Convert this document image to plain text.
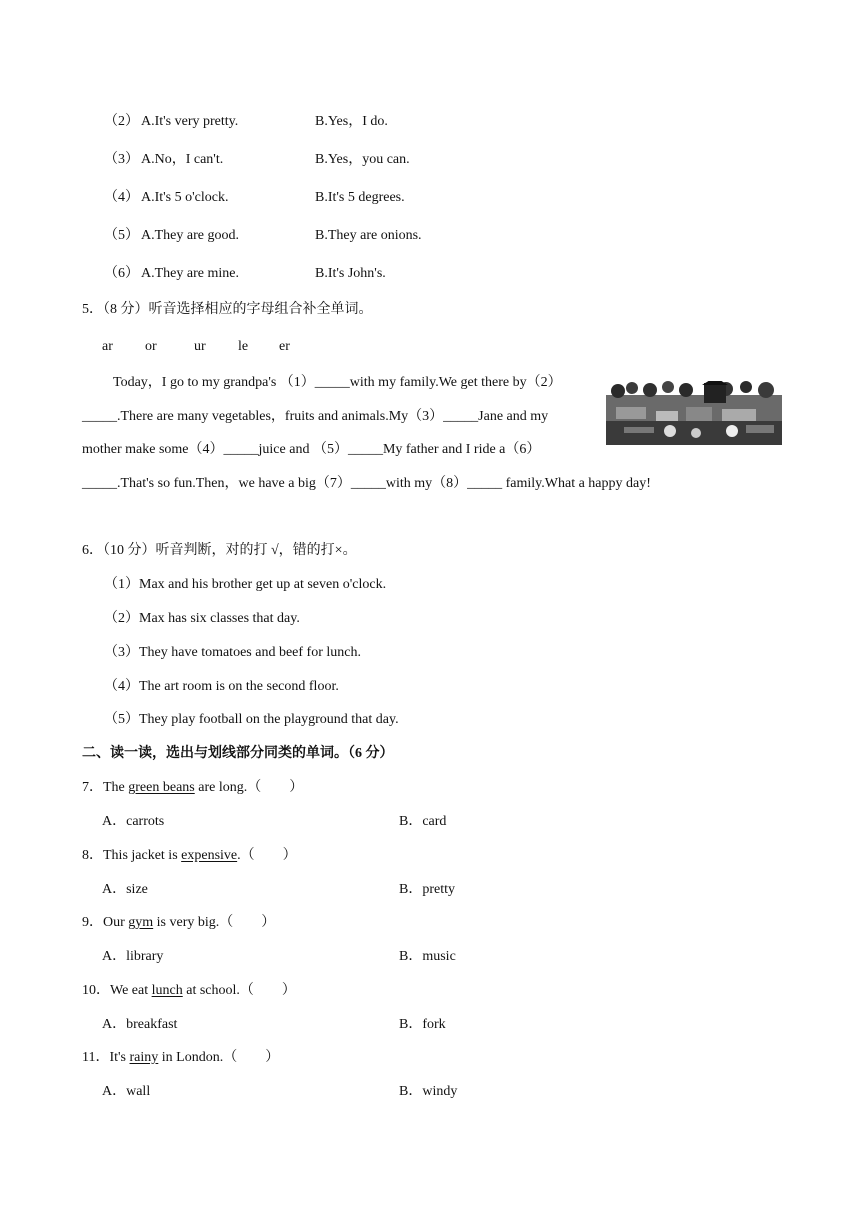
（2） A.It's very pretty.	B.Yes，I do.
（3） A.No，I can't.	B.Yes，you can.
（4） A.It's 5 o'clock.	B.It's 5 degrees.
（5） A.They are good.	B.They are onions.
（6） A.They are mine.	B.It's John's.
5．（8 分）听音选择相应的字母组合补全单词。
ar or	ur le er
Today，I go to my grandpa's （1）_____with my family.We get there by（2）
_____.There are many vegetables，fruits and animals.My（3）_____Jane and my
mother make some（4）_____juice and （5）_____My father and I ride a（6）
_____.That's so fun.Then，we have a big（7）_____with my（8）_____ family.What a happy day!
6．（10 分）听音判断，对的打 √，错的打×。
（1）Max and his brother get up at seven o'clock.
（2）Max has six classes that day.
（3）They have tomatoes and beef for lunch.
（4）The art room is on the second floor.
（5）They play football on the playground that day.
二、读一读，选出与划线部分同类的单词。（6 分）
7．The green beans are long.（　　）
A．carrots	B．card
8．This jacket is expensive.（　　）
A．size	B．pretty
9．Our gym is very big.（　　）
A．library	B．music
10．We eat lunch at school.（　　）
A．breakfast	B．fork
11．It's rainy in London.（　　）
A．wall	B．windy
